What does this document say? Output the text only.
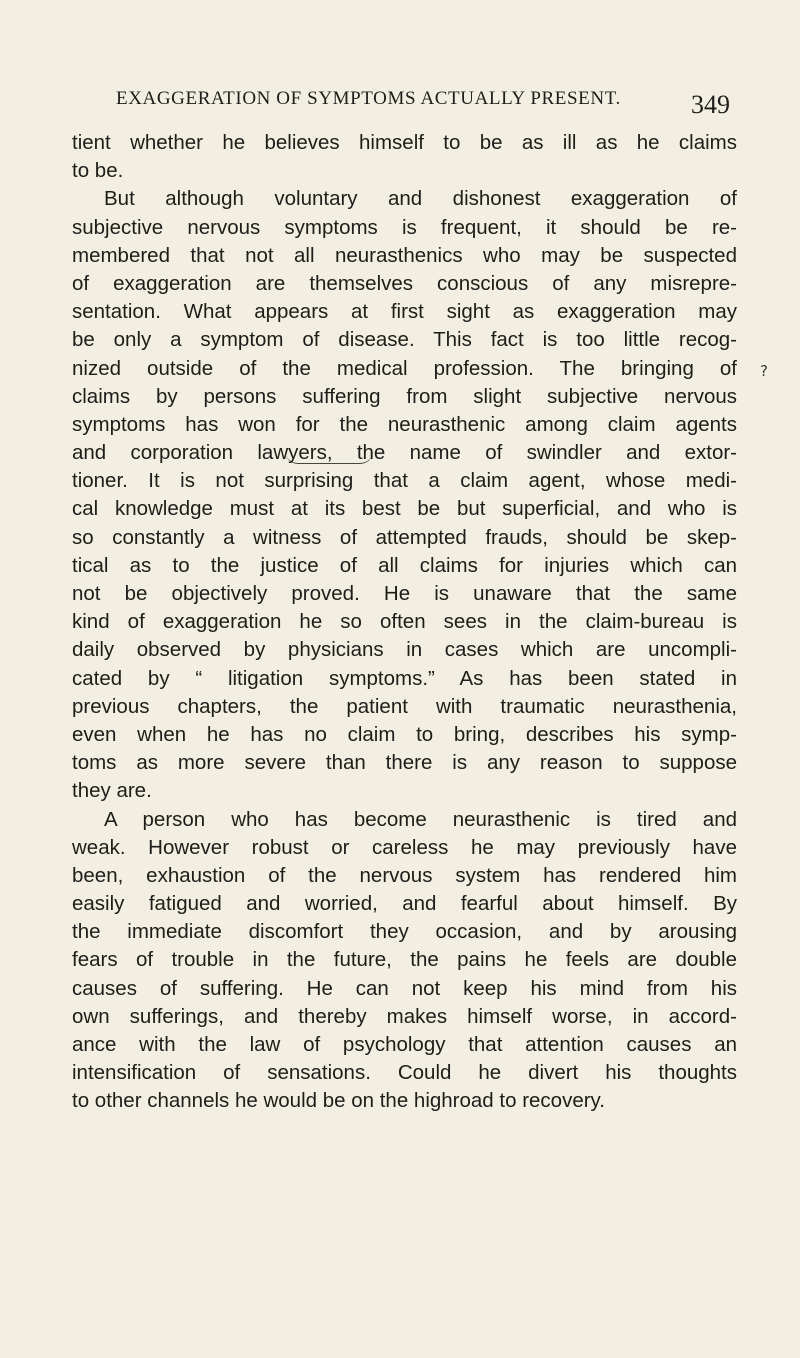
EXAGGERATION OF SYMPTOMS ACTUALLY PRESENT.	349
tient whether he believes himself to be as ill as he claims
to be.
But although voluntary and dishonest exaggeration of
subjective nervous symptoms is frequent, it should be re-
membered that not all neurasthenics who may be suspected
of exaggeration are themselves conscious of any misrepre-
sentation. What appears at first sight as exaggeration may
be only a symptom of disease. This fact is too little recog-
nized outside of the medical profession. The bringing of
claims by persons suffering from slight subjective nervous
symptoms has won for the neurasthenic among claim agents
and corporation lawyers, the name of swindler and extor-
tioner. It is not surprising that a claim agent, whose medi-
cal knowledge must at its best be but superficial, and who is
so constantly a witness of attempted frauds, should be skep-
tical as to the justice of all claims for injuries which can
not be objectively proved. He is unaware that the same
kind of exaggeration he so often sees in the claim-bureau is
daily observed by physicians in cases which are uncompli-
cated by “ litigation symptoms.” As has been stated in
previous chapters, the patient with traumatic neurasthenia,
even when he has no claim to bring, describes his symp-
toms as more severe than there is any reason to suppose
they are.
A person who has become neurasthenic is tired and
weak. However robust or careless he may previously have
been, exhaustion of the nervous system has rendered him
easily fatigued and worried, and fearful about himself. By
the immediate discomfort they occasion, and by arousing
fears of trouble in the future, the pains he feels are double
causes of suffering. He can not keep his mind from his
own sufferings, and thereby makes himself worse, in accord-
ance with the law of psychology that attention causes an
intensification of sensations. Could he divert his thoughts
to other channels he would be on the highroad to recovery.
?
